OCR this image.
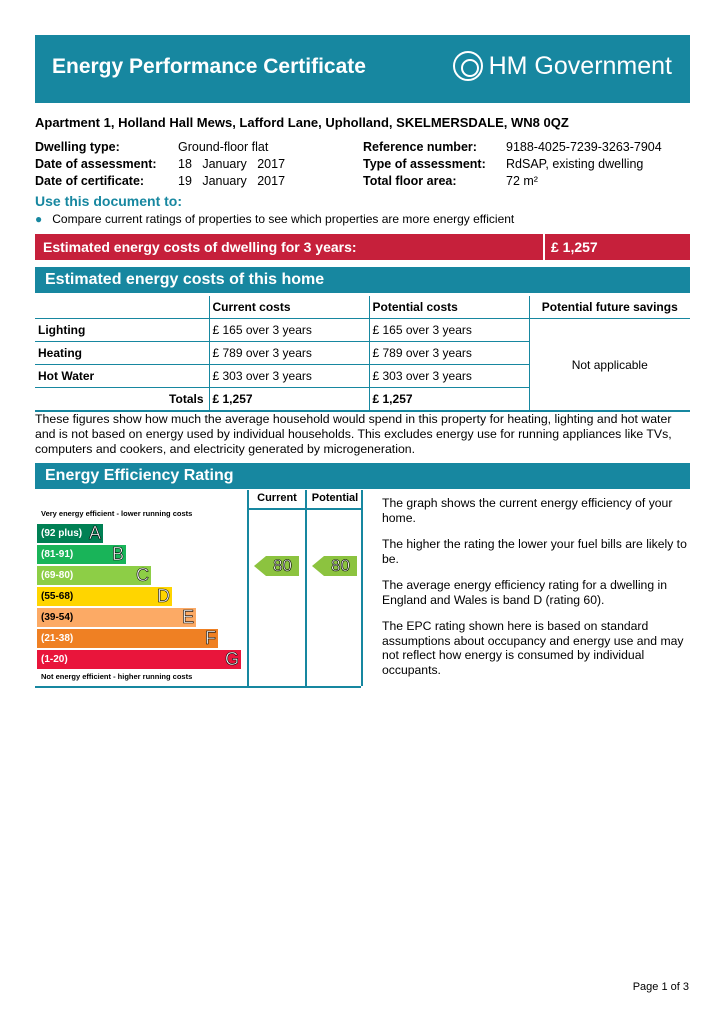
Energy Performance Certificate	HM Government
Apartment 1, Holland Hall Mews, Lafford Lane, Upholland, SKELMERSDALE, WN8 0QZ
Dwelling type:	Ground-floor flat
Date of assessment: 18   January   2017
Date of certificate:	19   January   2017
Reference number: 9188-4025-7239-3263-7904
Type of assessment: RdSAP, existing dwelling
Total floor area:	72 m²
Use this document to:
● Compare current ratings of properties to see which properties are more energy efficient
Estimated energy costs of dwelling for 3 years:	£ 1,257
Estimated energy costs of this home
	Current costs	Potential costs	Potential future savings
Lighting	£ 165 over 3 years	£ 165 over 3 years	Not applicable
Heating	£ 789 over 3 years	£ 789 over 3 years	
Hot Water	£ 303 over 3 years	£ 303 over 3 years	
Totals	£ 1,257	£ 1,257	
These figures show how much the average household would spend in this property for heating, lighting and hot water and is not based on energy used by individual households. This excludes energy use for running appliances like TVs, computers and cookers, and electricity generated by microgeneration.
Energy Efficiency Rating
Current	Potential
Very energy efficient - lower running costs
(92 plus) A
(81-91) B
(69-80)	C
(55-68)	D
(39-54)	E
(21-38)	F
(1-20)	G
Not energy efficient - higher running costs
80	80

The graph shows the current energy efficiency of your home.

The higher the rating the lower your fuel bills are likely to be.

The average energy efficiency rating for a dwelling in England and Wales is band D (rating 60).

The EPC rating shown here is based on standard assumptions about occupancy and energy use and may not reflect how energy is consumed by individual occupants.

Page 1 of 3
